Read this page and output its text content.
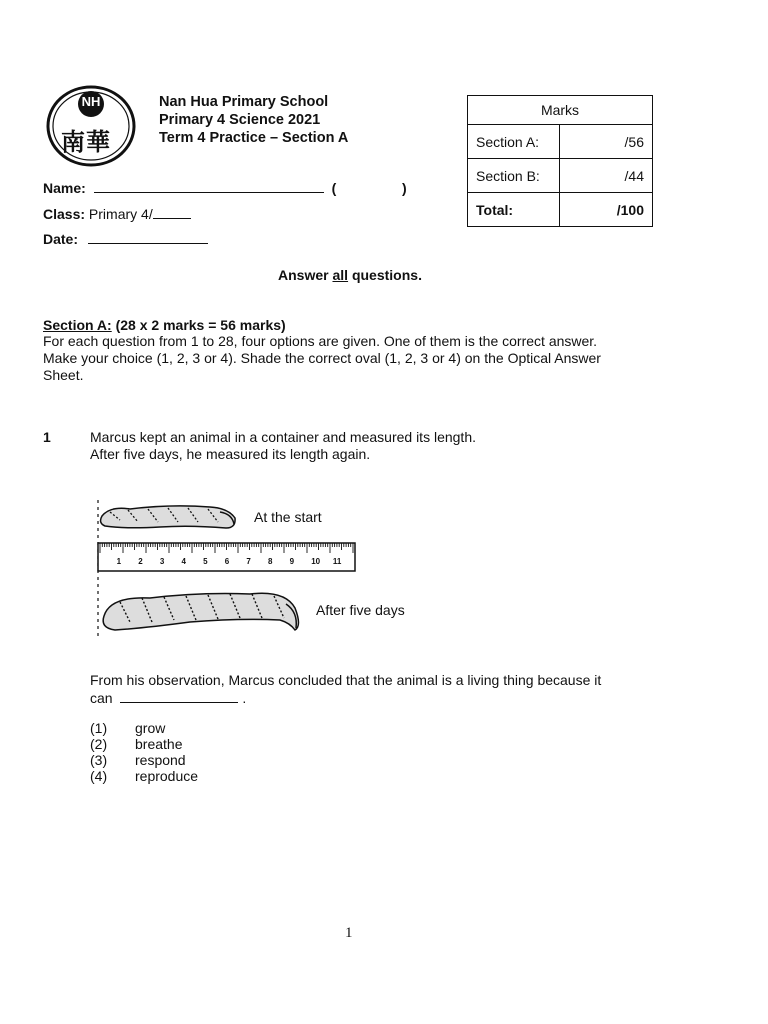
NH
南華
Nan Hua Primary School
Primary 4 Science 2021
Term 4 Practice – Section A
Name:	(	)
Class: Primary 4/
Date:
Marks	
Section A:	/56
Section B:	/44
Total:	/100
Answer all questions.
Section A: (28 x 2 marks = 56 marks)
For each question from 1 to 28, four options are given. One of them is the correct answer.
Make your choice (1, 2, 3 or 4). Shade the correct oval (1, 2, 3 or 4) on the Optical Answer
Sheet.
1	Marcus kept an animal in a container and measured its length.
After five days, he measured its length again.
1 2 3 4 5 6 7 8 9 10 11
At the start
After five days
From his observation, Marcus concluded that the animal is a living thing because it
can	.
(1) grow
(2) breathe
(3) respond
(4) reproduce
1
